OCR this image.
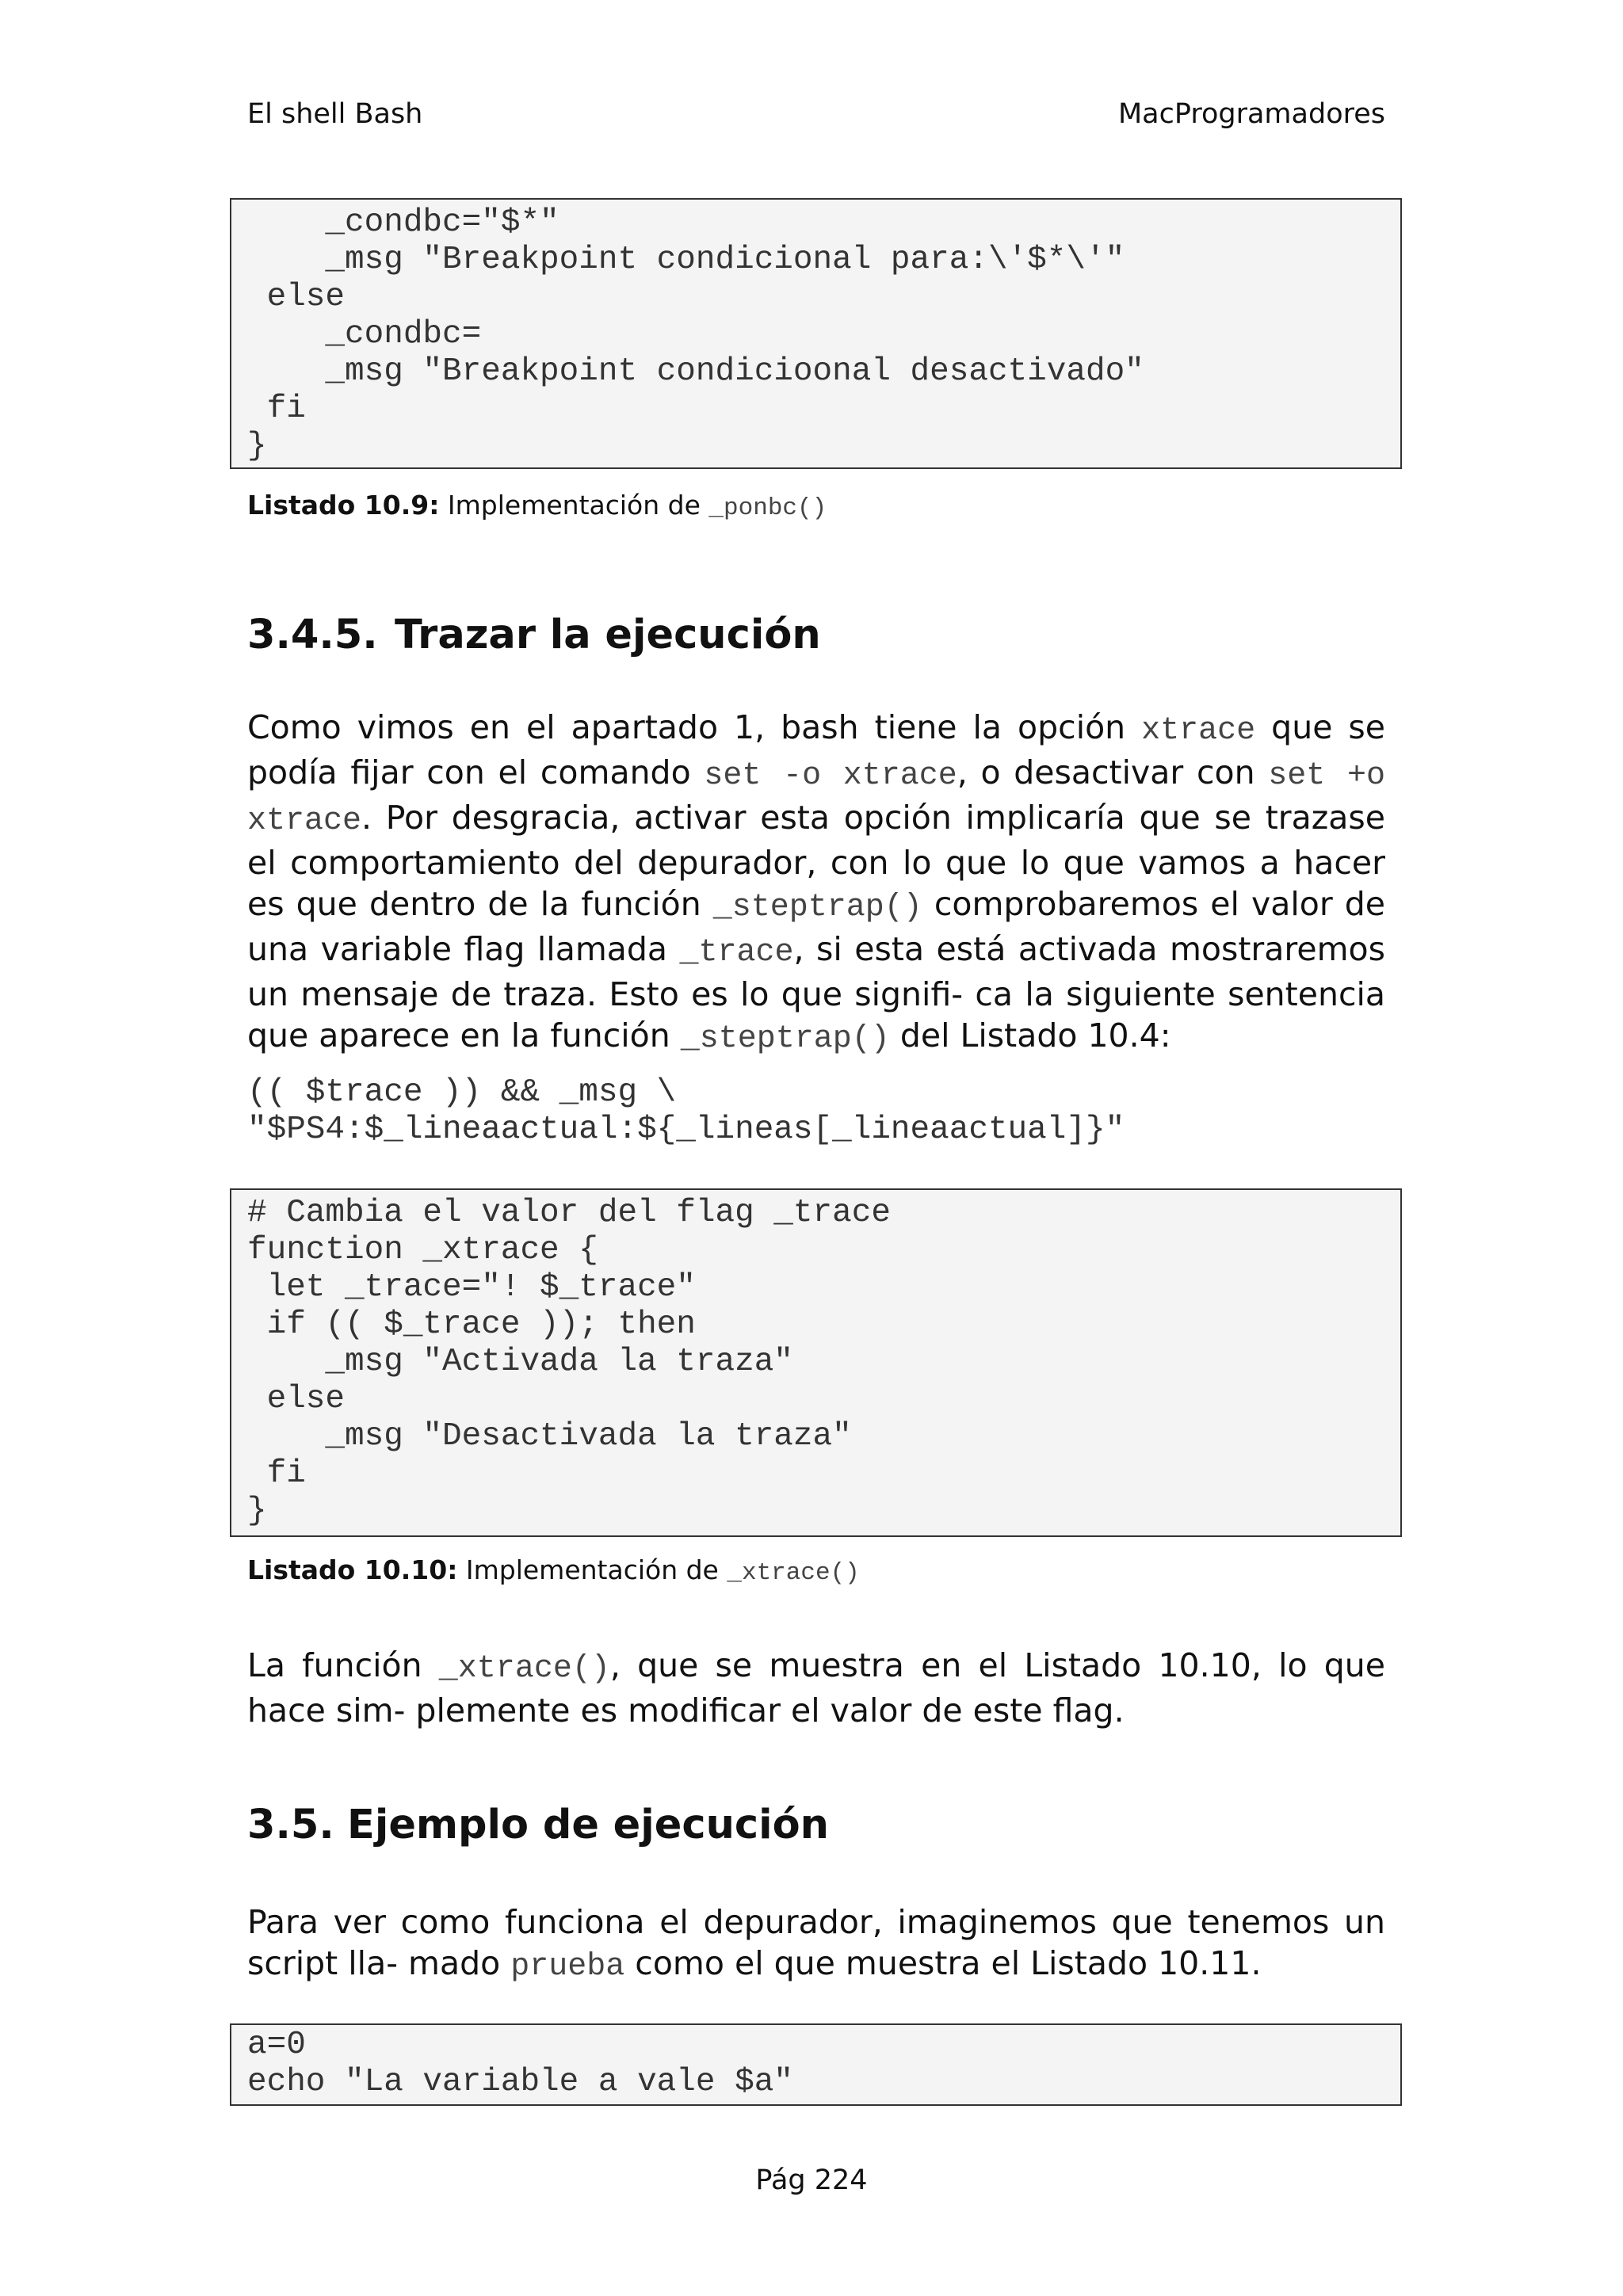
El shell Bash	MacProgramadores
_condbc="$*"
_msg "Breakpoint condicional para:\'$*\'"
else
_condbc=
_msg "Breakpoint condicioonal desactivado"
fi
}
Listado 10.9: Implementación de _ponbc()
3.4.5. Trazar la ejecución

Como vimos en el apartado 1, bash tiene la opción xtrace que se podía fijar con el comando set -o xtrace, o desactivar con set +o xtrace. Por desgracia, activar esta opción implicaría que se trazase el comportamiento del depurador, con lo que lo que vamos a hacer es que dentro de la función _steptrap() comprobaremos el valor de una variable flag llamada _trace, si esta está activada mostraremos un mensaje de traza. Esto es lo que signifi- ca la siguiente sentencia que aparece en la función _steptrap() del Listado 10.4:

(( $trace )) && _msg \
"$PS4:$_lineaactual:${_lineas[_lineaactual]}"
# Cambia el valor del flag _trace
function _xtrace {
let _trace="! $_trace"
if (( $_trace )); then
_msg "Activada la traza"
else
_msg "Desactivada la traza"
fi
}
Listado 10.10: Implementación de _xtrace()

La función _xtrace(), que se muestra en el Listado 10.10, lo que hace sim- plemente es modificar el valor de este flag.

3.5. Ejemplo de ejecución

Para ver como funciona el depurador, imaginemos que tenemos un script lla- mado prueba como el que muestra el Listado 10.11.

a=0
echo "La variable a vale $a"
Pág 224
